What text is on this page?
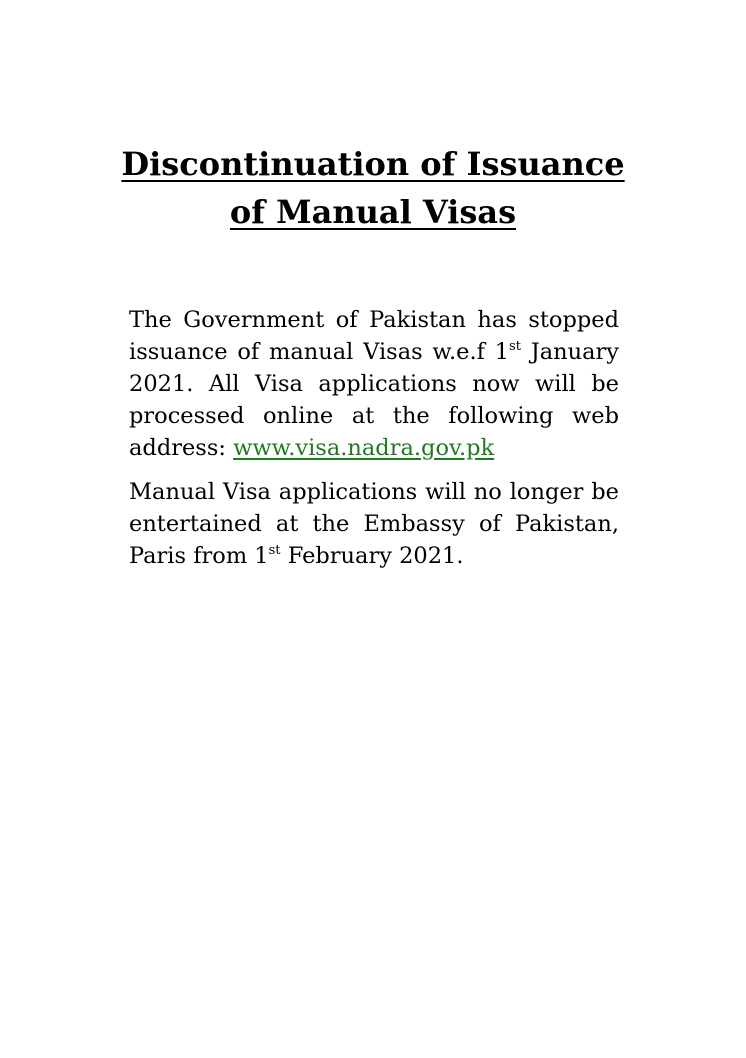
Discontinuation of Issuance
of Manual Visas

The Government of Pakistan has stopped issuance of manual Visas w.e.f 1st January 2021. All Visa applications now will be processed online at the following web address: www.visa.nadra.gov.pk

Manual Visa applications will no longer be entertained at the Embassy of Pakistan, Paris from 1st February 2021.
